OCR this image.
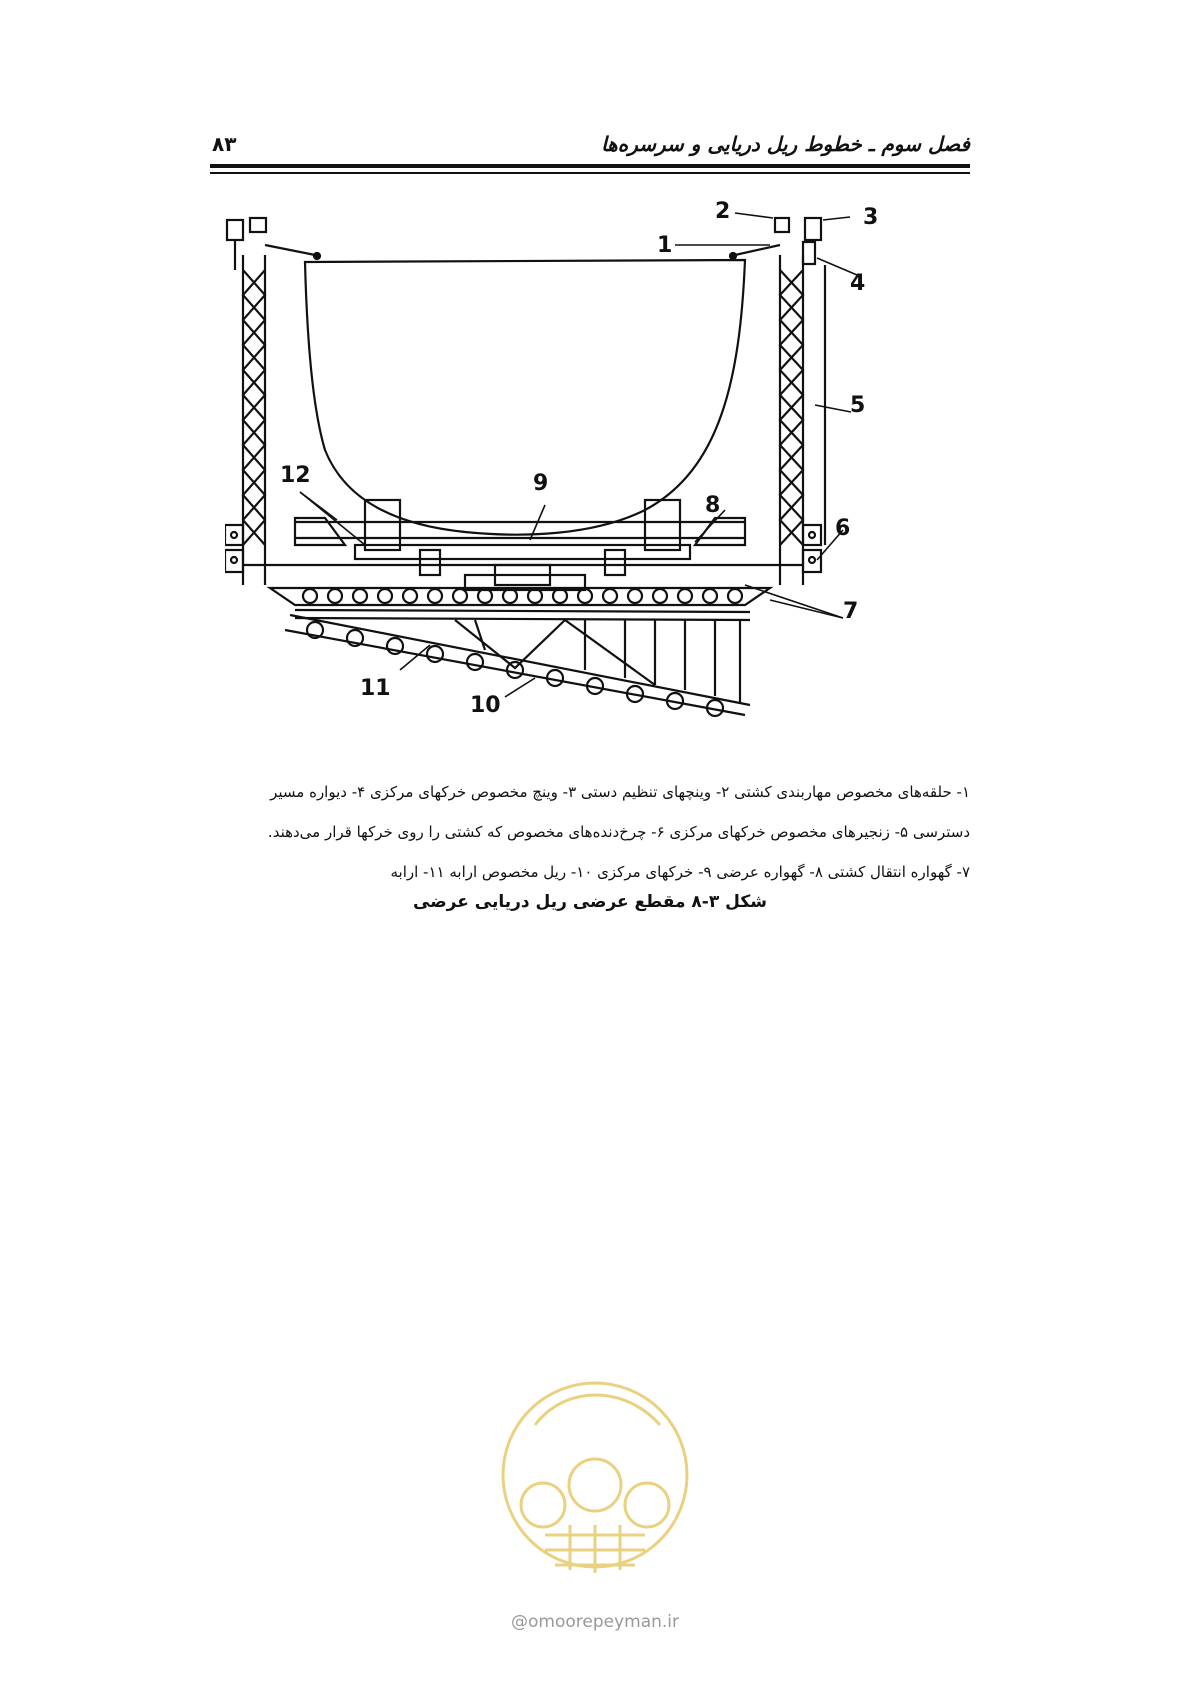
۸۳	فصل سوم ـ خطوط ریل دریایی و سرسره‌ها
1
2	3
4
5
6
7
8
9
10
11
12

۱- حلقه‌های مخصوص مهاربندی کشتی ۲- وینچهای تنظیم دستی ۳- وینچ مخصوص خرکهای مرکزی ۴- دیواره مسیر

دسترسی ۵- زنجیرهای مخصوص خرکهای مرکزی ۶- چرخ‌دنده‌های مخصوص که کشتی را روی خرکها قرار می‌دهند.

۷- گهواره انتقال کشتی ۸- گهواره عرضی ۹- خرکهای مرکزی ۱۰- ریل مخصوص ارابه ۱۱- ارابه

شکل ۳-۸ مقطع عرضی ریل دریایی عرضی
@omoorepeyman.ir
